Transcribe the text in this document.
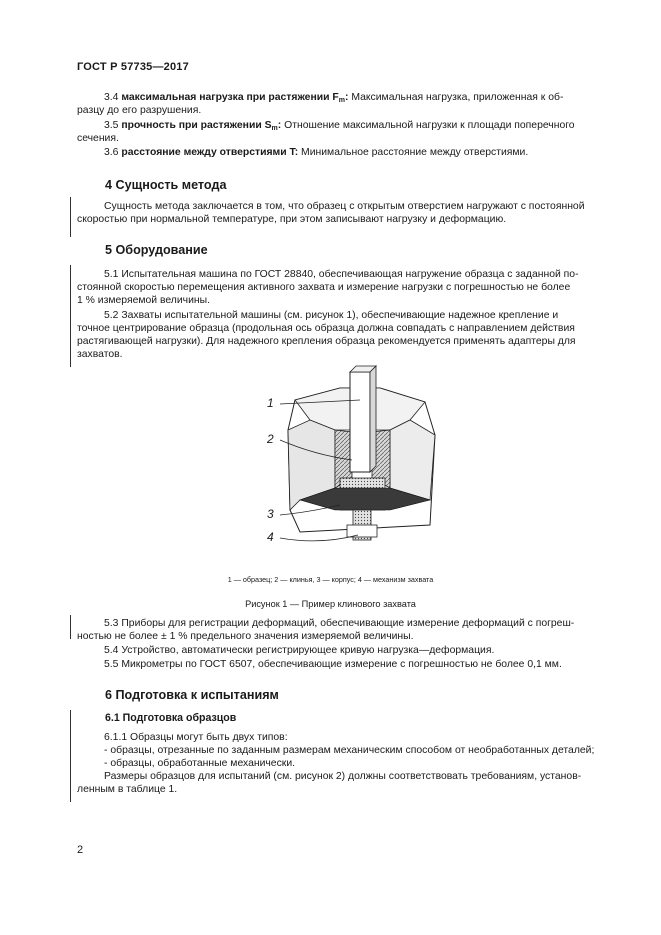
ГОСТ Р 57735—2017
3.4 максимальная нагрузка при растяжении $F_m$: Максимальная нагрузка, приложенная к об-
разцу до его разрушения.
3.5 прочность при растяжении $S_m$: Отношение максимальной нагрузки к площади поперечного
сечения.
3.6 расстояние между отверстиями T: Минимальное расстояние между отверстиями.
4 Сущность метода
Сущность метода заключается в том, что образец с открытым отверстием нагружают с постоянной
скоростью при нормальной температуре, при этом записывают нагрузку и деформацию.
5 Оборудование
5.1 Испытательная машина по ГОСТ 28840, обеспечивающая нагружение образца с заданной по-
стоянной скоростью перемещения активного захвата и измерение нагрузки с погрешностью не более
1 % измеряемой величины.
5.2 Захваты испытательной машины (см. рисунок 1), обеспечивающие надежное крепление и
точное центрирование образца (продольная ось образца должна совпадать с направлением действия
растягивающей нагрузки). Для надежного крепления образца рекомендуется применять адаптеры для
захватов.
1
2
3
4
1 — образец; 2 — клинья, 3 — корпус; 4 — механизм захвата
Рисунок 1 — Пример клинового захвата
5.3 Приборы для регистрации деформаций, обеспечивающие измерение деформаций с погреш-
ностью не более ± 1 % предельного значения измеряемой величины.
5.4 Устройство, автоматически регистрирующее кривую нагрузка—деформация.
5.5 Микрометры по ГОСТ 6507, обеспечивающие измерение с погрешностью не более 0,1 мм.
6 Подготовка к испытаниям
6.1 Подготовка образцов
6.1.1 Образцы могут быть двух типов:
- образцы, отрезанные по заданным размерам механическим способом от необработанных деталей;
- образцы, обработанные механически.
Размеры образцов для испытаний (см. рисунок 2) должны соответствовать требованиям, установ-
ленным в таблице 1.
2
